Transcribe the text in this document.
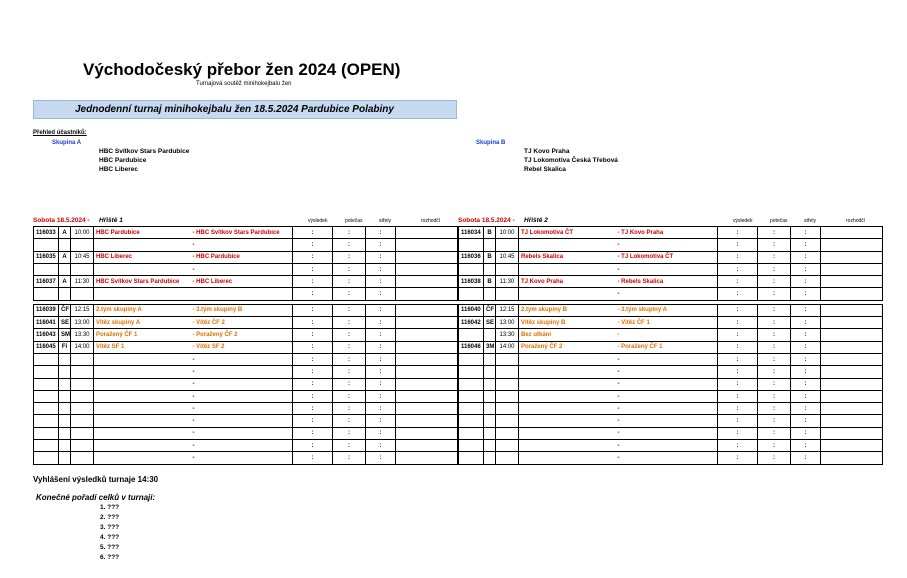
Východočeský přebor žen 2024 (OPEN)
Turnajová soutěž minihokejbalu žen
Jednodenní turnaj minihokejbalu žen 18.5.2024 Pardubice Polabiny
Přehled účastníků:
Skupina A
HBC Svítkov Stars Pardubice
HBC Pardubice
HBC Liberec
Skupina B
TJ Kovo Praha
TJ Lokomotiva Česká Třebová
Rebel Skalica
Sobota 18.5.2024 - Hřiště 1	výsledek	potečas	střely	rozhodčí	Sobota 18.5.2024 - Hřiště 2	výsledek	potečas	střely	rozhodčí
116033	A	10:00	HBC Pardubice	- HBC Svítkov Stars Pardubice	:	:	:	
				-	:	:	:	
116035	A	10:45	HBC Liberec	- HBC Pardubice	:	:	:	
				-	:	:	:	
116037	A	11:30	HBC Svítkov Stars Pardubice	- HBC Liberec	:	:	:	
					:	:	:	

116039	ČF	12:15	2.tým skupiny A	- 3.tým skupiny B	:	:	:	
116041	SE	13:00	Vítěz skupiny A	- Vítěz ČF 2	:	:	:	
116043	SM	13:30	Poražený ČF 1	- Poražený ČF 2	:	:	:	
116045	Fi	14:00	Vítěz SF 1	- Vítěz SF 2	:	:	:	
				-	:	:	:	
				-	:	:	:	
				-	:	:	:	
				-	:	:	:	
				-	:	:	:	
				-	:	:	:	
				-	:	:	:	
				-	:	:	:	
				-	:	:	:	
116034	B	10:00	TJ Lokomotiva ČT	- TJ Kovo Praha	:	:	:	
				-	:	:	:	
116036	B	10:45	Rebels Skalica	- TJ Lokomotiva ČT	:	:	:	
				-	:	:	:	
116038	B	11:30	TJ Kovo Praha	- Rebels Skalica	:	:	:	
				-	:	:	:	

116040	ČF	12:15	2.tým skupiny B	- 3.tým skupiny A	:	:	:	
116042	SE	13:00	Vítěz skupiny B	- Vítěz ČF 1	:	:	:	
		13:30	Bez utkání	-	:	:	:	
116046	3M	14:00	Poražený ČF 2	- Poražený ČF 1	:	:	:	
				-	:	:	:	
				-	:	:	:	
				-	:	:	:	
				-	:	:	:	
				-	:	:	:	
				-	:	:	:	
				-	:	:	:	
				-	:	:	:	
				-	:	:	:	
Vyhlášení výsledků turnaje 14:30
Konečné pořadí celků v turnaji:
1. ???
2. ???
3. ???
4. ???
5. ???
6. ???
